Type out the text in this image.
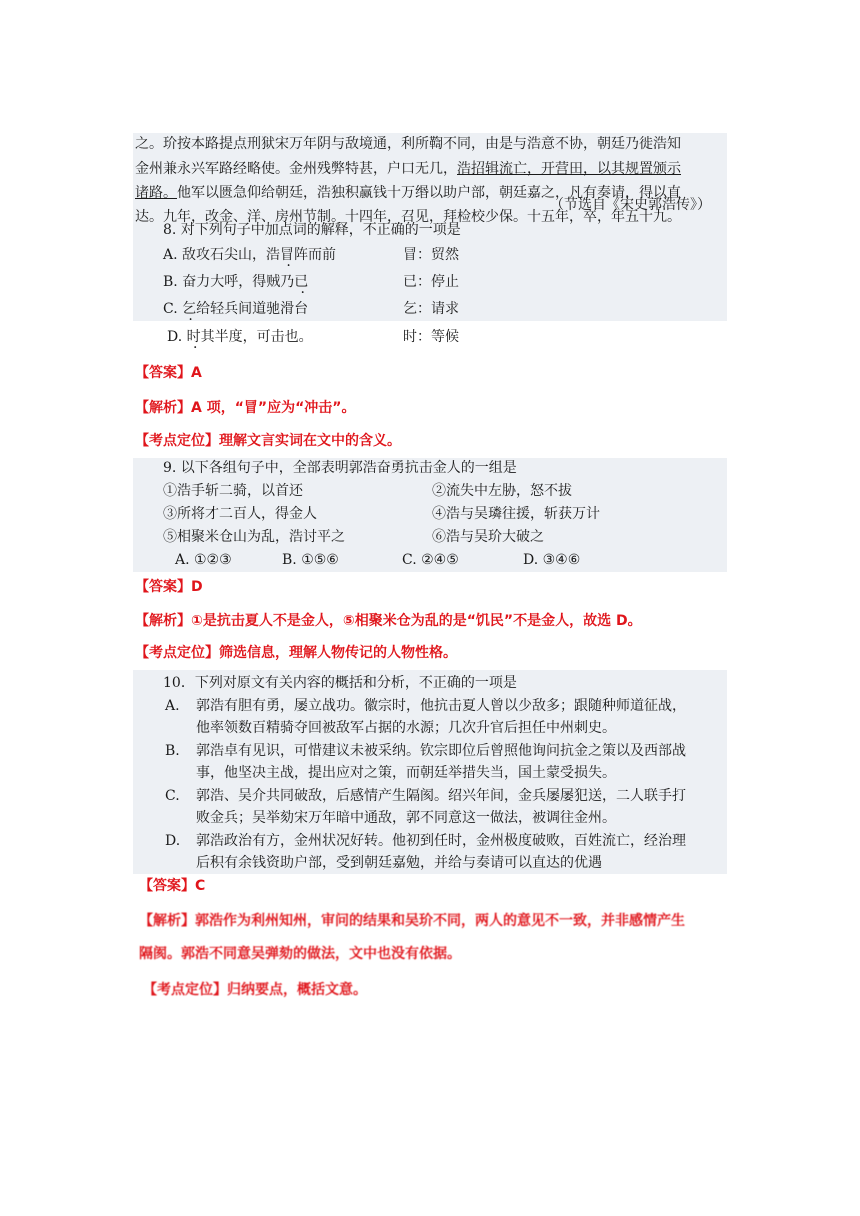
之。玠按本路提点刑狱宋万年阴与敌境通，利所鞫不同，由是与浩意不协，朝廷乃徙浩知
金州兼永兴军路经略使。金州残弊特甚，户口无几，浩招辑流亡，开营田，以其规置颁示
诸路。他军以匮急仰给朝廷，浩独积赢钱十万缗以助户部，朝廷嘉之，凡有奏请，得以直
达。九年，改金、洋、房州节制。十四年，召见，拜检校少保。十五年，卒，年五十九。
（节选自《宋史郭浩传》）
8. 对下列句子中加点词的解释，不正确的一项是
A. 敌攻石尖山，浩冒阵而前	冒：贸然
B. 奋力大呼，得贼乃已	已：停止
C. 乞给轻兵间道驰滑台	乞：请求
D. 时其半度，可击也。	时：等候
【答案】A
【解析】A 项，“冒”应为“冲击”。
【考点定位】理解文言实词在文中的含义。
9. 以下各组句子中，全部表明郭浩奋勇抗击金人的一组是
①浩手斩二骑，以首还	②流失中左胁，怒不拔
③所将才二百人，得金人	④浩与吴璘往援，斩获万计
⑤相聚米仓山为乱，浩讨平之	⑥浩与吴玠大破之
A. ①②③	B. ①⑤⑥	C. ②④⑤	D. ③④⑥
【答案】D
【解析】①是抗击夏人不是金人，⑤相聚米仓为乱的是“饥民”不是金人，故选 D。
【考点定位】筛选信息，理解人物传记的人物性格。
10．下列对原文有关内容的概括和分析，不正确的一项是
A. 郭浩有胆有勇，屡立战功。徽宗时，他抗击夏人曾以少敌多；跟随种师道征战，
他率领数百精骑夺回被敌军占据的水源；几次升官后担任中州刺史。
B. 郭浩卓有见识，可惜建议未被采纳。钦宗即位后曾照他询问抗金之策以及西部战
事，他坚决主战，提出应对之策，而朝廷举措失当，国土蒙受损失。
C. 郭浩、吴介共同破敌，后感情产生隔阂。绍兴年间，金兵屡屡犯送，二人联手打
败金兵；吴举劾宋万年暗中通敌，郭不同意这一做法，被调往金州。
D. 郭浩政治有方，金州状况好转。他初到任时，金州极度破败，百姓流亡，经治理
后积有余钱资助户部，受到朝廷嘉勉，并给与奏请可以直达的优遇
【答案】C
【解析】郭浩作为利州知州，审问的结果和吴玠不同，两人的意见不一致，并非感情产生
隔阂。郭浩不同意吴弹劾的做法，文中也没有依据。
【考点定位】归纳要点，概括文意。
